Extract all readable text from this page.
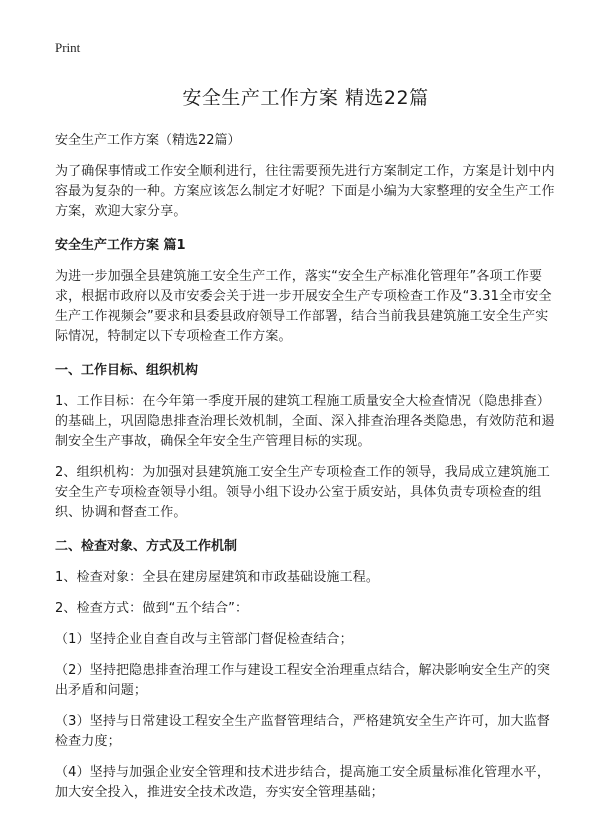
Print

安全生产工作方案 精选22篇

安全生产工作方案（精选22篇）

为了确保事情或工作安全顺利进行，往往需要预先进行方案制定工作，方案是计划中内容最为复杂的一种。方案应该怎么制定才好呢？下面是小编为大家整理的安全生产工作方案，欢迎大家分享。

安全生产工作方案 篇1

为进一步加强全县建筑施工安全生产工作，落实“安全生产标准化管理年”各项工作要求，根据市政府以及市安委会关于进一步开展安全生产专项检查工作及“3.31全市安全生产工作视频会”要求和县委县政府领导工作部署，结合当前我县建筑施工安全生产实际情况，特制定以下专项检查工作方案。

一、工作目标、组织机构

1、工作目标：在今年第一季度开展的建筑工程施工质量安全大检查情况（隐患排查）的基础上，巩固隐患排查治理长效机制，全面、深入排查治理各类隐患，有效防范和遏制安全生产事故，确保全年安全生产管理目标的实现。

2、组织机构：为加强对县建筑施工安全生产专项检查工作的领导，我局成立建筑施工安全生产专项检查领导小组。领导小组下设办公室于质安站，具体负责专项检查的组织、协调和督查工作。

二、检查对象、方式及工作机制

1、检查对象：全县在建房屋建筑和市政基础设施工程。

2、检查方式：做到“五个结合”：

（1）坚持企业自查自改与主管部门督促检查结合；

（2）坚持把隐患排查治理工作与建设工程安全治理重点结合，解决影响安全生产的突出矛盾和问题；

（3）坚持与日常建设工程安全生产监督管理结合，严格建筑安全生产许可，加大监督检查力度；

（4）坚持与加强企业安全管理和技术进步结合，提高施工安全质量标准化管理水平，加大安全投入，推进安全技术改造，夯实安全管理基础；
